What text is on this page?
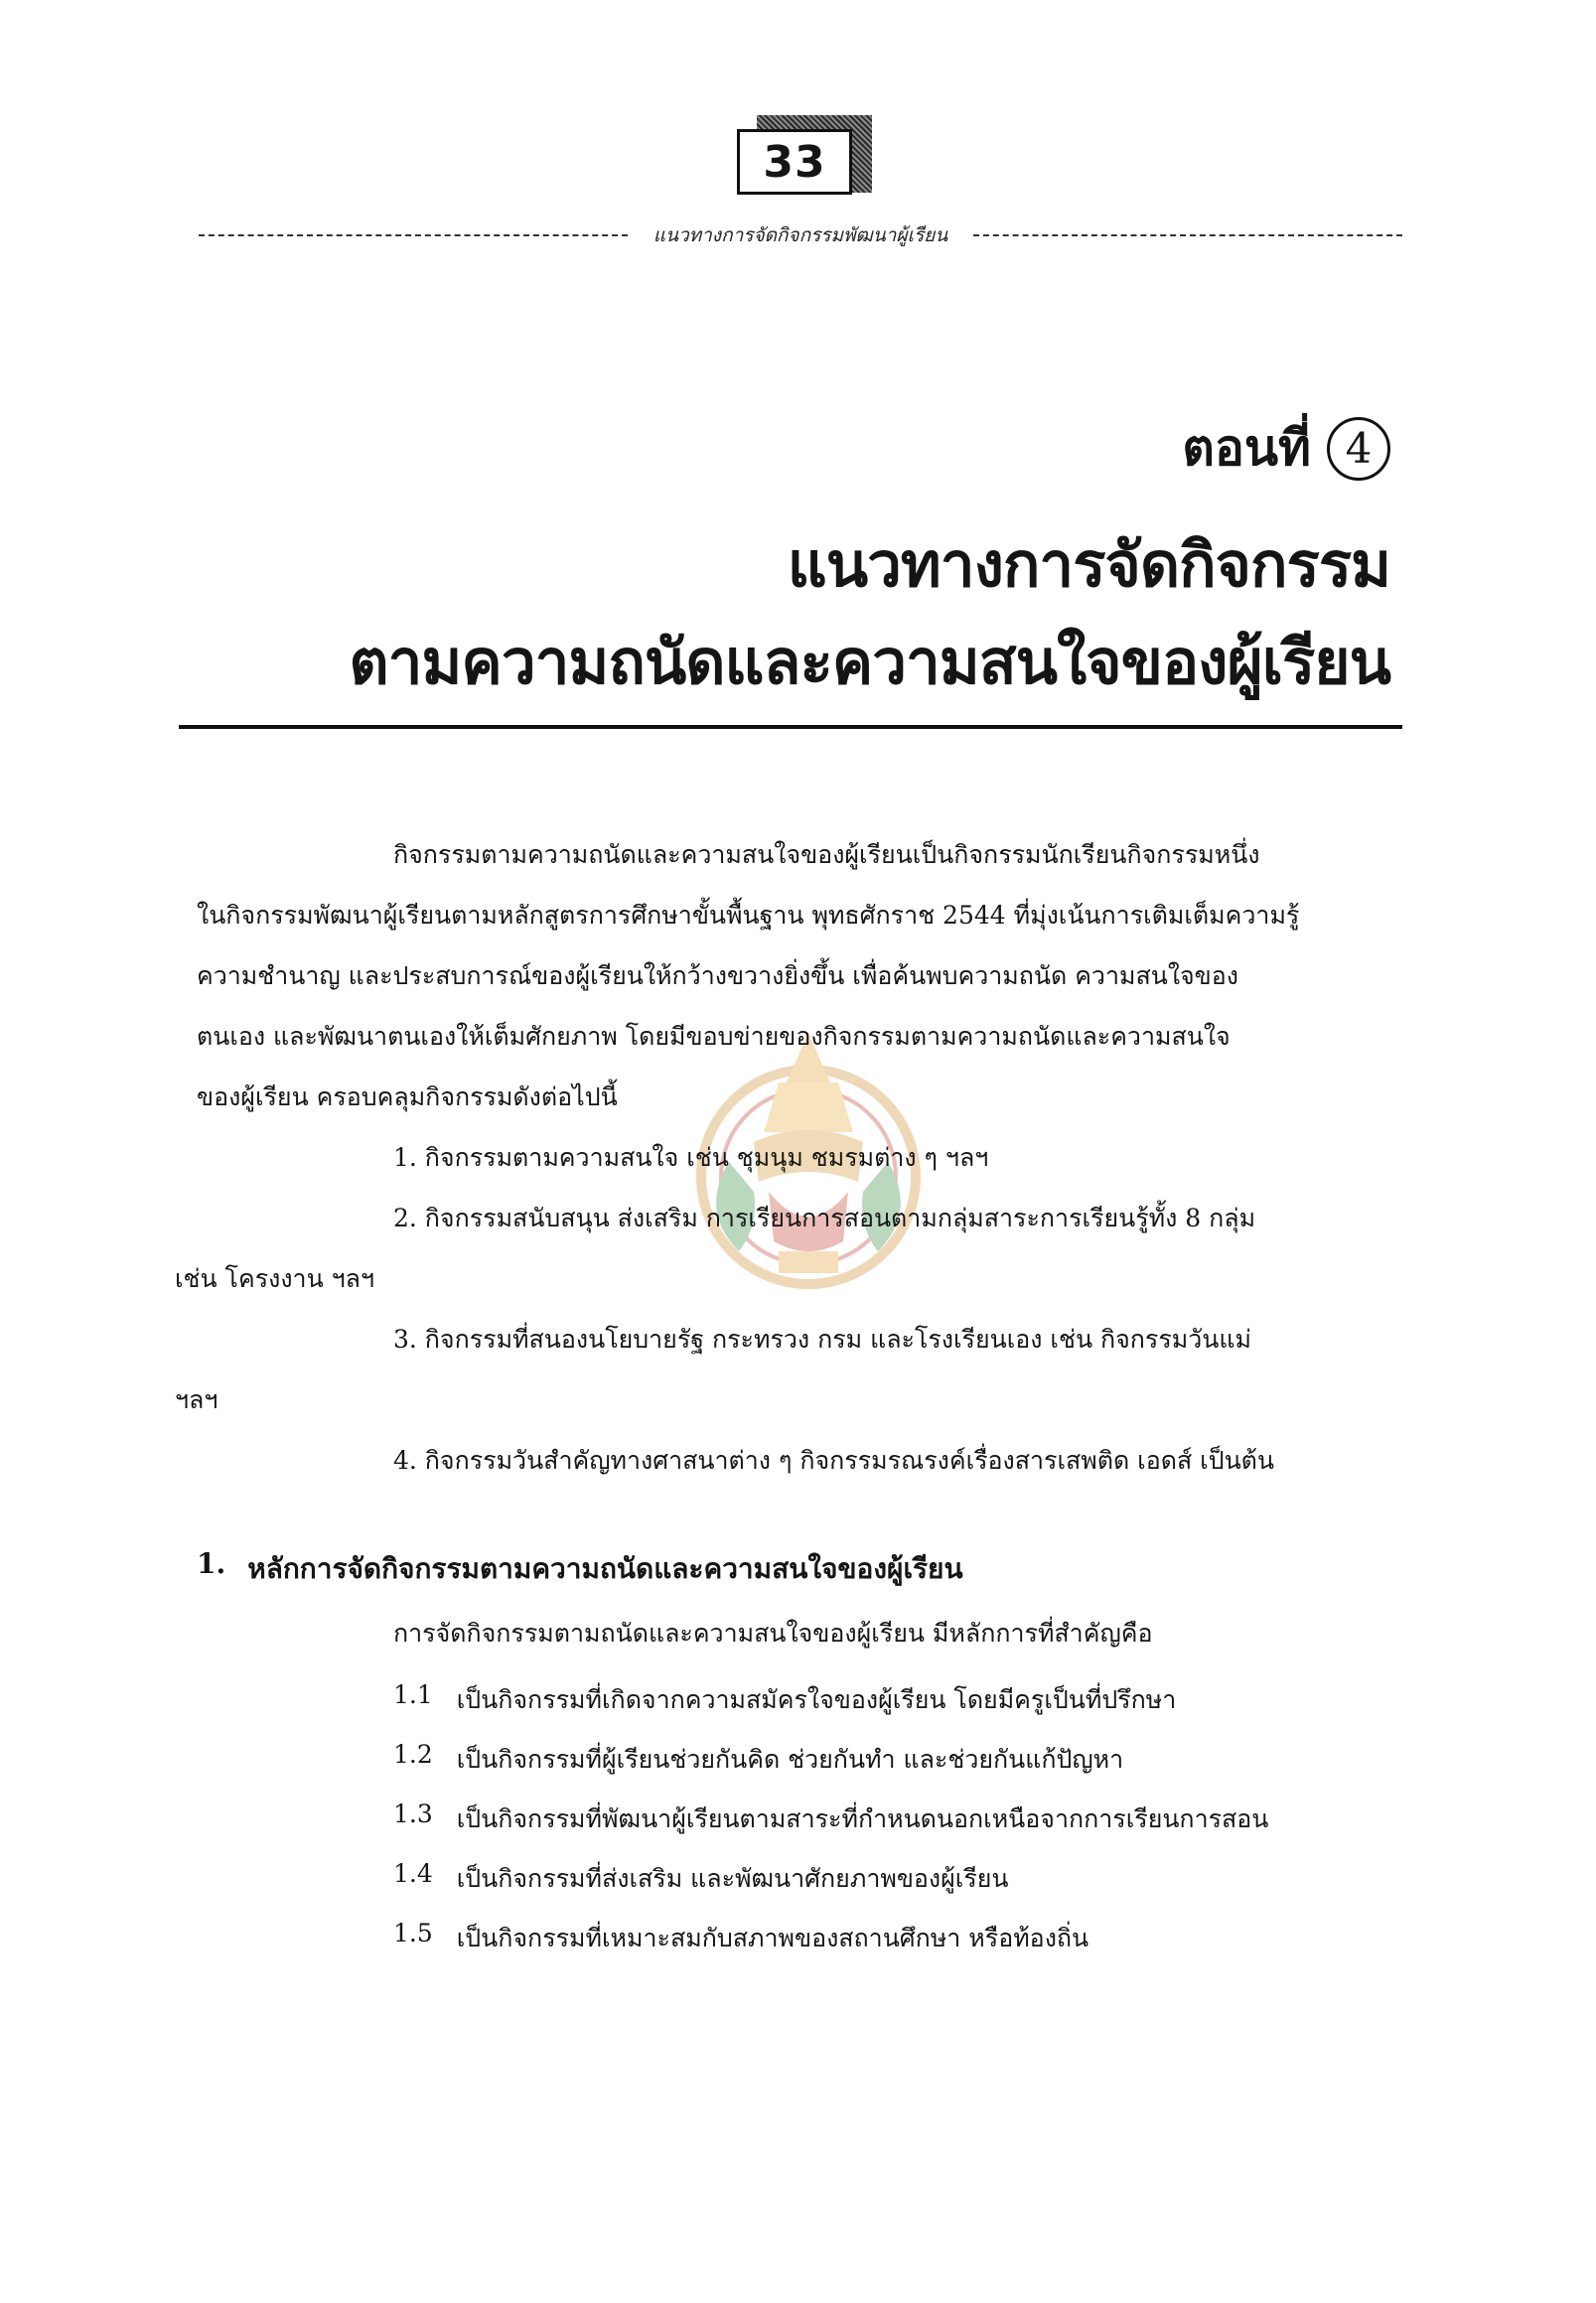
33
แนวทางการจัดกิจกรรมพัฒนาผู้เรียน
ตอนที่ 4
แนวทางการจัดกิจกรรม
ตามความถนัดและความสนใจของผู้เรียน
กิจกรรมตามความถนัดและความสนใจของผู้เรียนเป็นกิจกรรมนักเรียนกิจกรรมหนึ่ง
ในกิจกรรมพัฒนาผู้เรียนตามหลักสูตรการศึกษาขั้นพื้นฐาน พุทธศักราช 2544 ที่มุ่งเน้นการเติมเต็มความรู้
ความชำนาญ และประสบการณ์ของผู้เรียนให้กว้างขวางยิ่งขึ้น เพื่อค้นพบความถนัด ความสนใจของ
ตนเอง และพัฒนาตนเองให้เต็มศักยภาพ โดยมีขอบข่ายของกิจกรรมตามความถนัดและความสนใจ
ของผู้เรียน ครอบคลุมกิจกรรมดังต่อไปนี้
1. กิจกรรมตามความสนใจ เช่น ชุมนุม ชมรมต่าง ๆ ฯลฯ
2. กิจกรรมสนับสนุน ส่งเสริม การเรียนการสอนตามกลุ่มสาระการเรียนรู้ทั้ง 8 กลุ่ม
เช่น โครงงาน ฯลฯ
3. กิจกรรมที่สนองนโยบายรัฐ กระทรวง กรม และโรงเรียนเอง เช่น กิจกรรมวันแม่
ฯลฯ
4. กิจกรรมวันสำคัญทางศาสนาต่าง ๆ กิจกรรมรณรงค์เรื่องสารเสพติด เอดส์ เป็นต้น
1. หลักการจัดกิจกรรมตามความถนัดและความสนใจของผู้เรียน
การจัดกิจกรรมตามถนัดและความสนใจของผู้เรียน มีหลักการที่สำคัญคือ
1.1 เป็นกิจกรรมที่เกิดจากความสมัครใจของผู้เรียน โดยมีครูเป็นที่ปรึกษา
1.2 เป็นกิจกรรมที่ผู้เรียนช่วยกันคิด ช่วยกันทำ และช่วยกันแก้ปัญหา
1.3 เป็นกิจกรรมที่พัฒนาผู้เรียนตามสาระที่กำหนดนอกเหนือจากการเรียนการสอน
1.4 เป็นกิจกรรมที่ส่งเสริม และพัฒนาศักยภาพของผู้เรียน
1.5 เป็นกิจกรรมที่เหมาะสมกับสภาพของสถานศึกษา หรือท้องถิ่น
